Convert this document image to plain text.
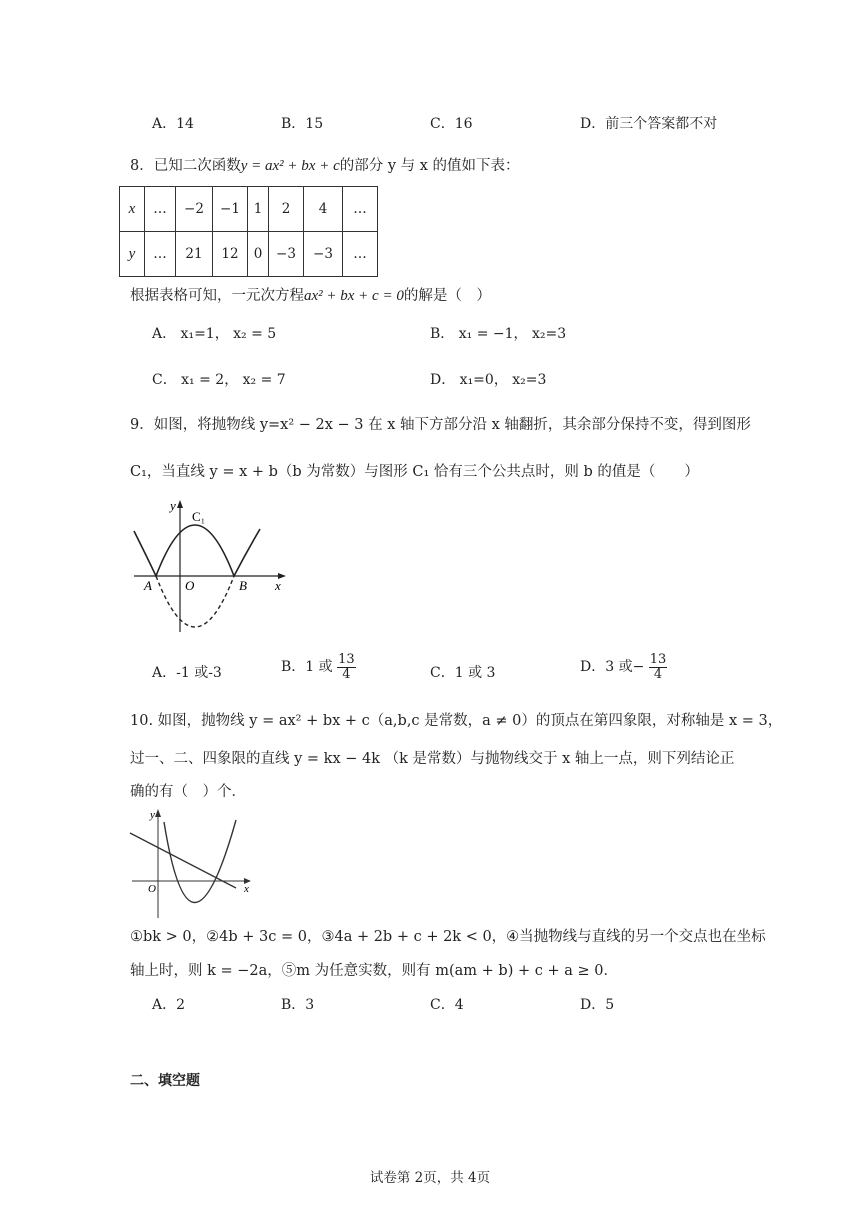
A．14	B．15	C．16	D．前三个答案都不对
8．已知二次函数y = ax² + bx + c的部分 y 与 x 的值如下表：
x	…	−2	−1	1	2	4	…
y	…	21	12	0	−3	−3	…
根据表格可知，一元次方程ax² + bx + c = 0的解是（　）
A． x₁=1， x₂ = 5	B． x₁ = −1， x₂=3
C． x₁ = 2， x₂ = 7	D． x₁=0， x₂=3
9．如图，将抛物线 y=x² − 2x − 3 在 x 轴下方部分沿 x 轴翻折，其余部分保持不变，得到图形
C₁，当直线 y = x + b（b 为常数）与图形 C₁ 恰有三个公共点时，则 b 的值是（　　）
y
C₁
A	O	B x
A．-1 或-3	B．1 或 $\frac{13}{4}$	C．1 或 3	D．3 或− $\frac{13}{4}$
10. 如图，抛物线 y = ax² + bx + c（a,b,c 是常数，a ≠ 0）的顶点在第四象限，对称轴是 x = 3，
过一、二、四象限的直线 y = kx − 4k （k 是常数）与抛物线交于 x 轴上一点，则下列结论正
确的有（　）个．
y
O	x
①bk > 0，②4b + 3c = 0，③4a + 2b + c + 2k < 0，④当抛物线与直线的另一个交点也在坐标
轴上时，则 k = −2a，⑤m 为任意实数，则有 m(am + b) + c + a ≥ 0．
A．2	B．3	C．4	D．5
二、填空题
试卷第 2页，共 4页
